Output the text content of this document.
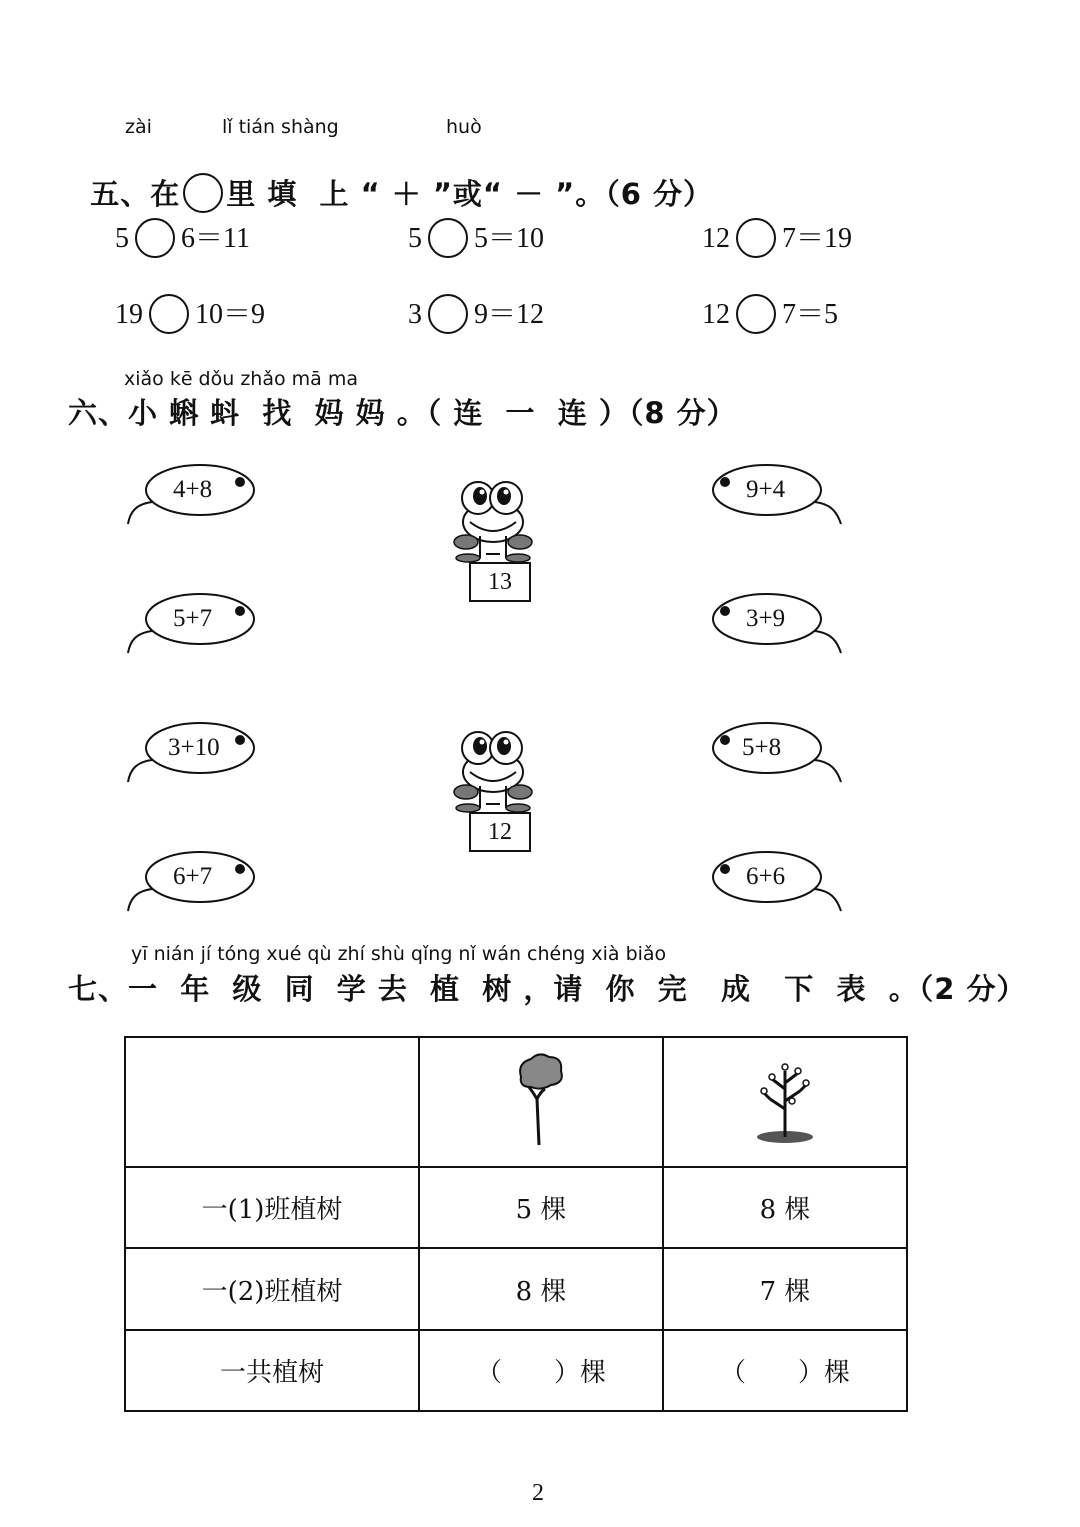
zài	lǐ tián shàng	huò

五、在 里 填  上 “ ＋ ”或“ － ”。（6 分）

5 6＝11	5 5＝10	12 7＝19
19 10＝9	3 9＝12	12 7＝5
xiǎo kē dǒu zhǎo mā ma
六、小 蝌 蚪  找  妈 妈 。（ 连  一  连 ）（8 分）
4+8
5+7
3+10
6+7
9+4
3+9
5+8
6+6
13
12
yī nián jí tóng xué qù zhí shù qǐng nǐ wán chéng xià biǎo
七、一  年  级  同  学 去  植  树 ，请  你  完   成   下  表  。（2 分）

一(1)班植树	5 棵	8 棵
一(2)班植树	8 棵	7 棵
一共植树	（　　）棵	（　　）棵
2
